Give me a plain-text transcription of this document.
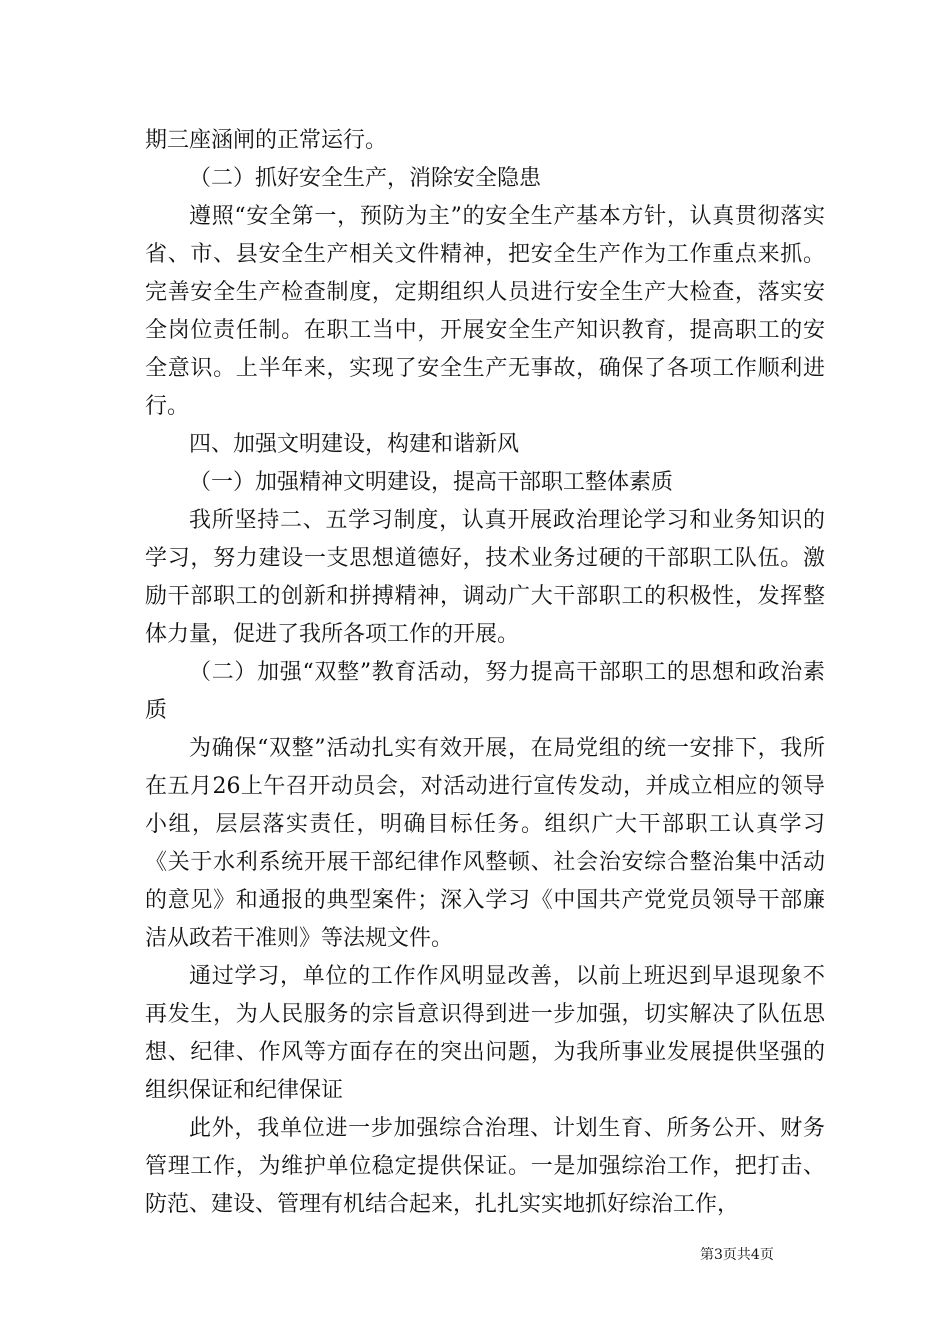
期三座涵闸的正常运行。

（二）抓好安全生产，消除安全隐患

遵照“安全第一，预防为主”的安全生产基本方针，认真贯彻落实省、市、县安全生产相关文件精神，把安全生产作为工作重点来抓。完善安全生产检查制度，定期组织人员进行安全生产大检查，落实安全岗位责任制。在职工当中，开展安全生产知识教育，提高职工的安全意识。上半年来，实现了安全生产无事故，确保了各项工作顺利进行。

四、加强文明建设，构建和谐新风

（一）加强精神文明建设，提高干部职工整体素质

我所坚持二、五学习制度，认真开展政治理论学习和业务知识的学习，努力建设一支思想道德好，技术业务过硬的干部职工队伍。激励干部职工的创新和拼搏精神，调动广大干部职工的积极性，发挥整体力量，促进了我所各项工作的开展。

（二）加强“双整”教育活动，努力提高干部职工的思想和政治素质

为确保“双整”活动扎实有效开展，在局党组的统一安排下，我所在五月26上午召开动员会，对活动进行宣传发动，并成立相应的领导小组，层层落实责任，明确目标任务。组织广大干部职工认真学习《关于水利系统开展干部纪律作风整顿、社会治安综合整治集中活动的意见》和通报的典型案件；深入学习《中国共产党党员领导干部廉洁从政若干准则》等法规文件。

通过学习，单位的工作作风明显改善，以前上班迟到早退现象不再发生，为人民服务的宗旨意识得到进一步加强，切实解决了队伍思想、纪律、作风等方面存在的突出问题，为我所事业发展提供坚强的组织保证和纪律保证

此外，我单位进一步加强综合治理、计划生育、所务公开、财务管理工作，为维护单位稳定提供保证。一是加强综治工作，把打击、防范、建设、管理有机结合起来，扎扎实实地抓好综治工作，

第3页共4页
